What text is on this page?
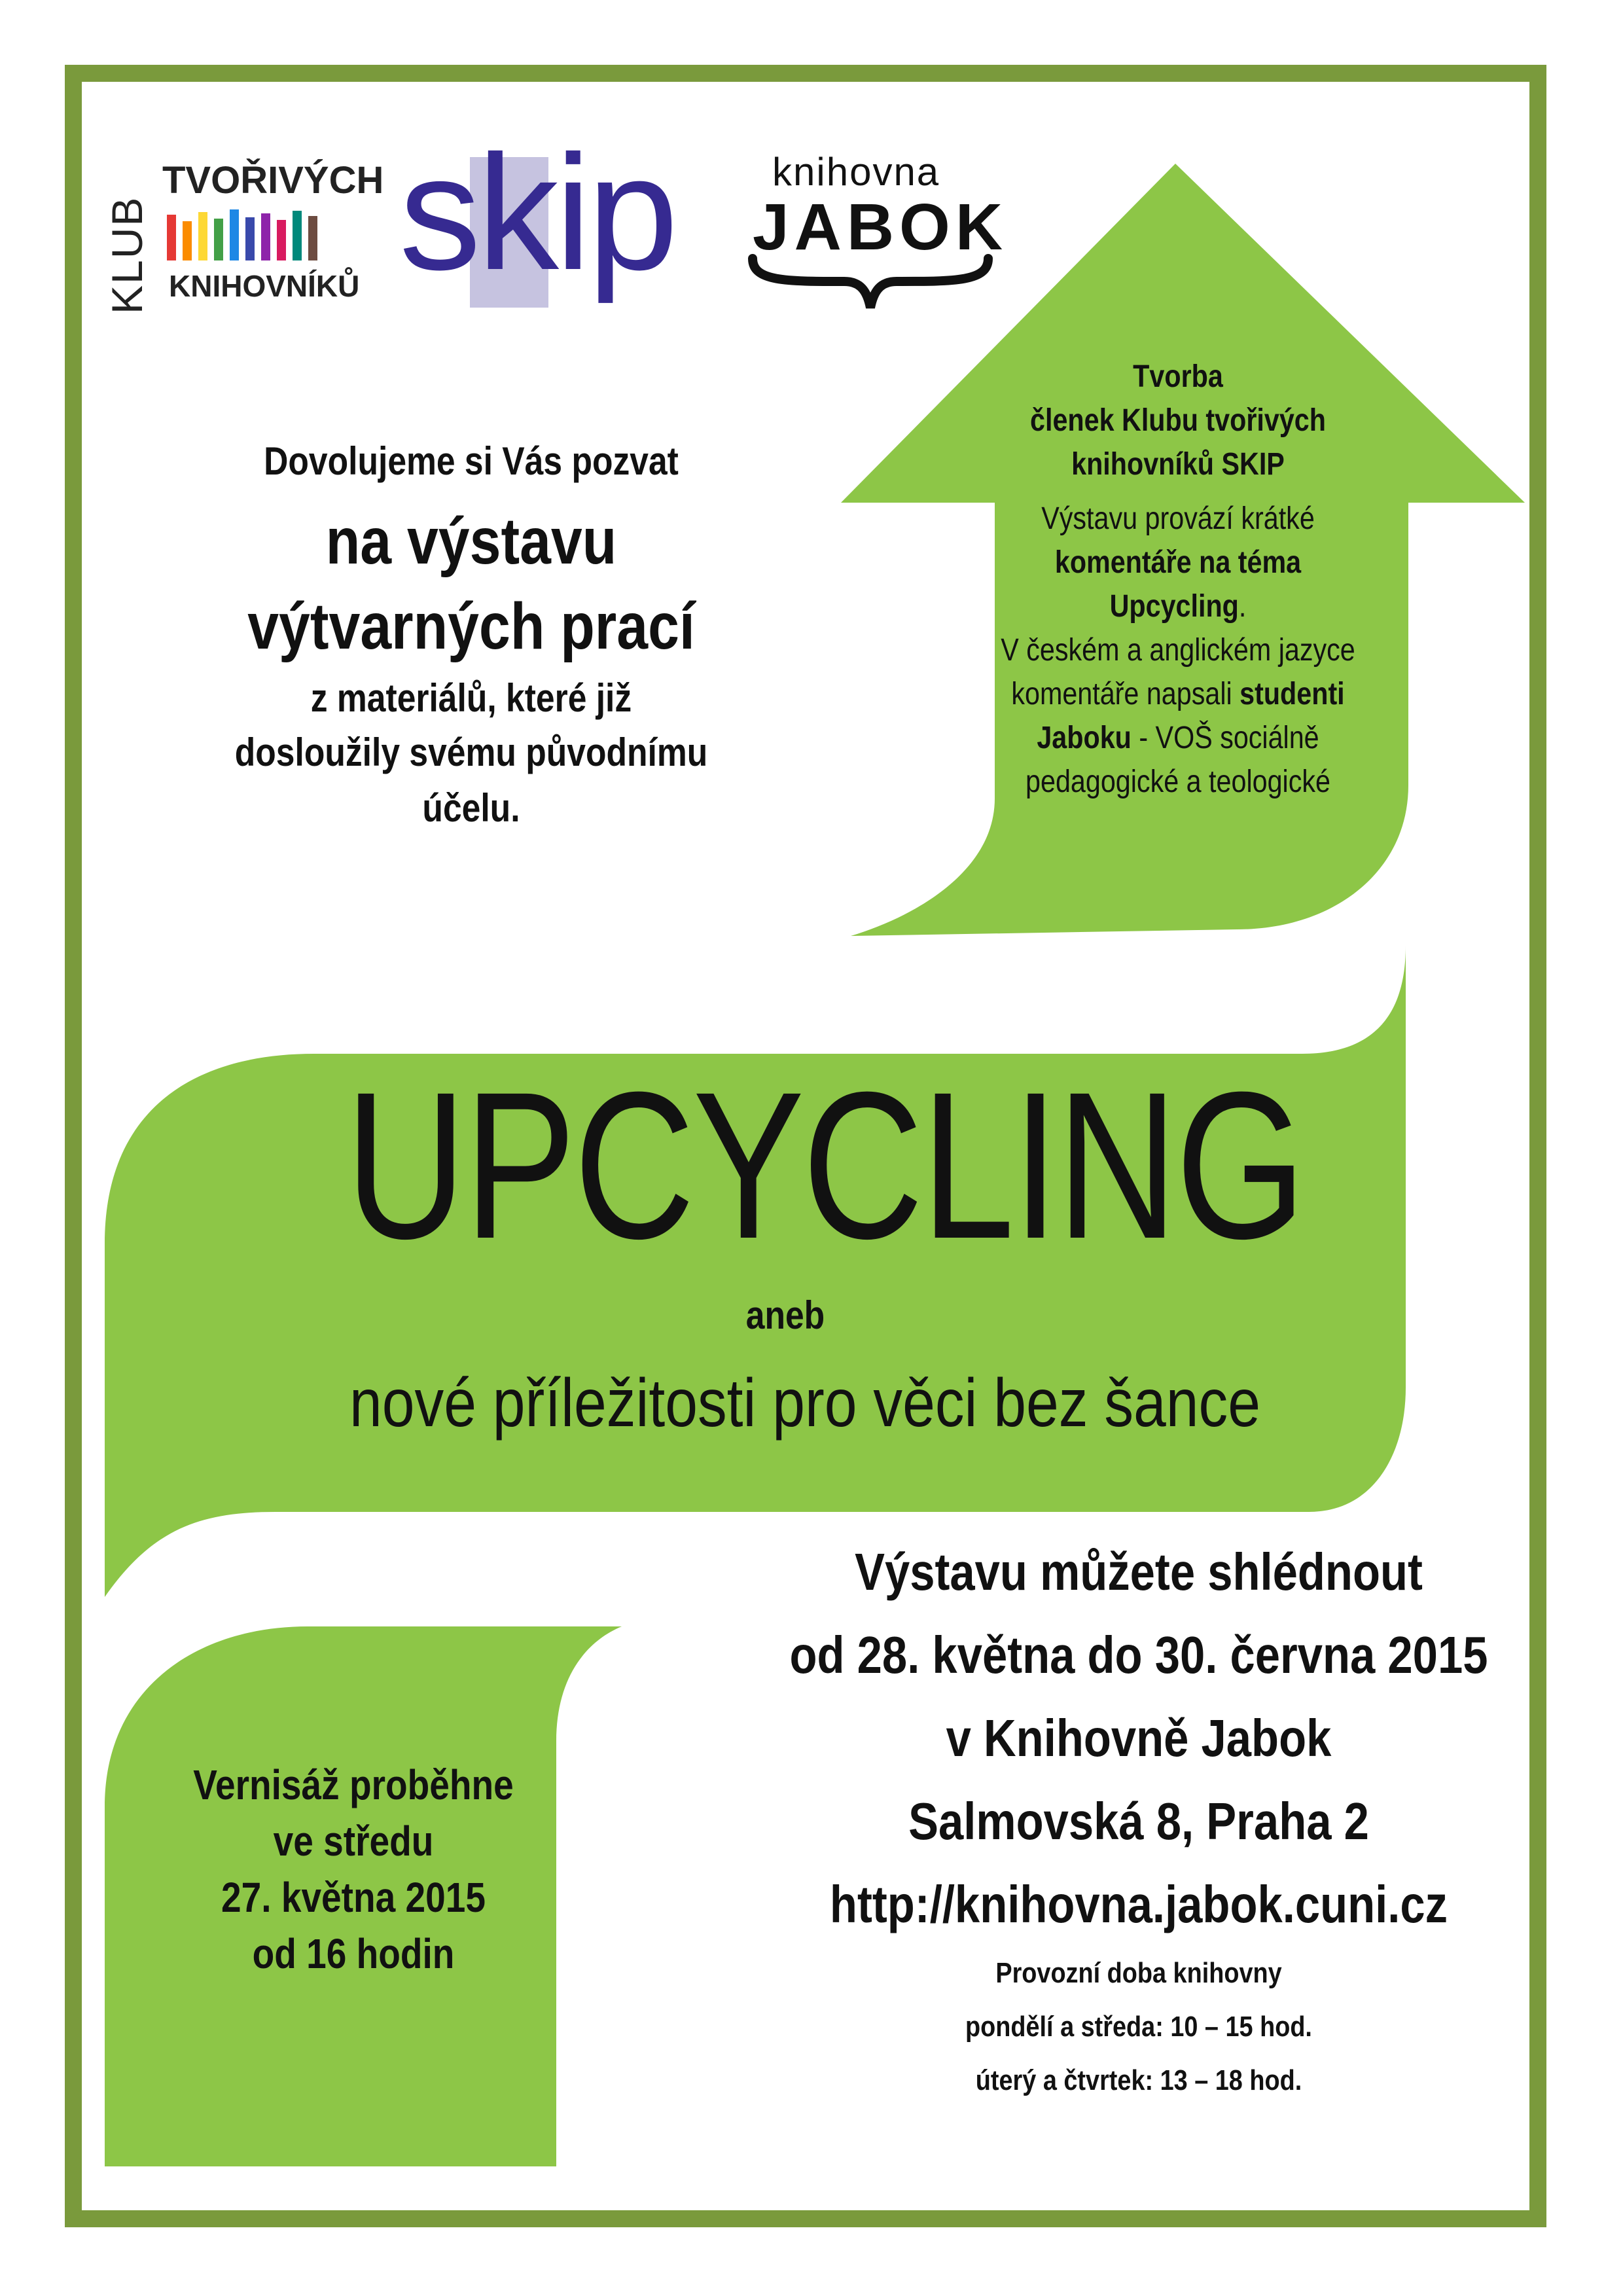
KLUB
TVOŘIVÝCH
KNIHOVNÍKŮ skip knihovna
JABOK
Dovolujeme si Vás pozvat
na výstavu
výtvarných prací
z materiálů, které již
dosloužily svému původnímu
účelu.
Tvorba
členek Klubu tvořivých
knihovníků SKIP
Výstavu provází krátké
komentáře na téma
Upcycling.
V českém a anglickém jazyce
komentáře napsali studenti
Jaboku - VOŠ sociálně
pedagogické a teologické
UPCYCLING
aneb
nové příležitosti pro věci bez šance
Vernisáž proběhne
ve středu
27. května 2015
od 16 hodin
Výstavu můžete shlédnout
od 28. května do 30. června 2015
v Knihovně Jabok
Salmovská 8, Praha 2
http://knihovna.jabok.cuni.cz
Provozní doba knihovny
pondělí a středa: 10 – 15 hod.
úterý a čtvrtek: 13 – 18 hod.
